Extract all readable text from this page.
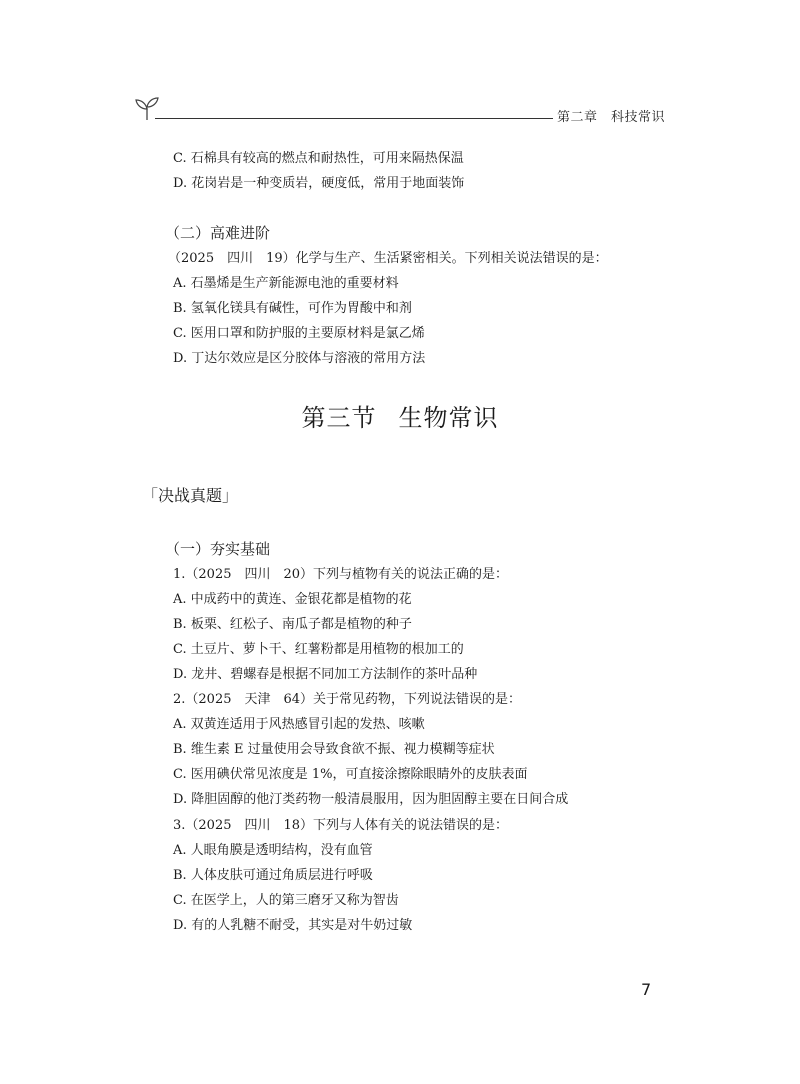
第二章　科技常识
C. 石棉具有较高的燃点和耐热性，可用来隔热保温
D. 花岗岩是一种变质岩，硬度低，常用于地面装饰
（二）高难进阶
（2025　四川　19）化学与生产、生活紧密相关。下列相关说法错误的是：
A. 石墨烯是生产新能源电池的重要材料
B. 氢氧化镁具有碱性，可作为胃酸中和剂
C. 医用口罩和防护服的主要原材料是氯乙烯
D. 丁达尔效应是区分胶体与溶液的常用方法
第三节 生物常识
「决战真题」
（一）夯实基础
1.（2025　四川　20）下列与植物有关的说法正确的是：
A. 中成药中的黄连、金银花都是植物的花
B. 板栗、红松子、南瓜子都是植物的种子
C. 土豆片、萝卜干、红薯粉都是用植物的根加工的
D. 龙井、碧螺春是根据不同加工方法制作的茶叶品种
2.（2025　天津　64）关于常见药物，下列说法错误的是：
A. 双黄连适用于风热感冒引起的发热、咳嗽
B. 维生素 E 过量使用会导致食欲不振、视力模糊等症状
C. 医用碘伏常见浓度是 1%，可直接涂擦除眼睛外的皮肤表面
D. 降胆固醇的他汀类药物一般清晨服用，因为胆固醇主要在日间合成
3.（2025　四川　18）下列与人体有关的说法错误的是：
A. 人眼角膜是透明结构，没有血管
B. 人体皮肤可通过角质层进行呼吸
C. 在医学上，人的第三磨牙又称为智齿
D. 有的人乳糖不耐受，其实是对牛奶过敏
7
